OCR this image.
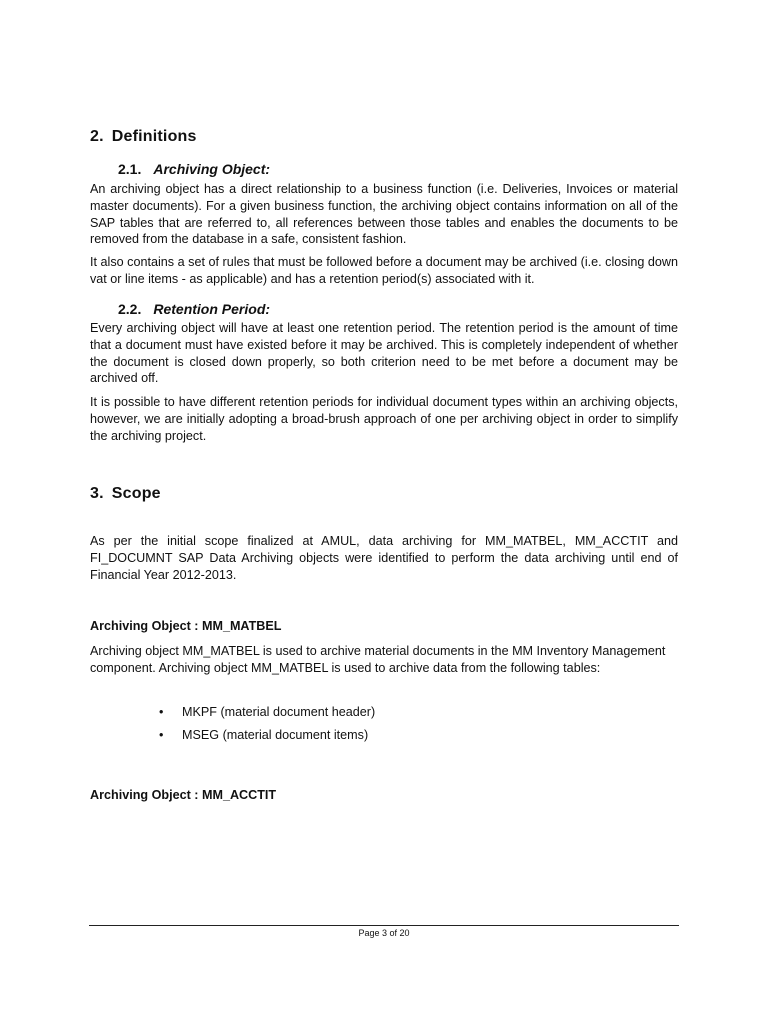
2. Definitions
2.1. Archiving Object:

An archiving object has a direct relationship to a business function (i.e. Deliveries, Invoices or material master documents). For a given business function, the archiving object contains information on all of the SAP tables that are referred to, all references between those tables and enables the documents to be removed from the database in a safe, consistent fashion.

It also contains a set of rules that must be followed before a document may be archived (i.e. closing down vat or line items - as applicable) and has a retention period(s) associated with it.

2.2. Retention Period:

Every archiving object will have at least one retention period. The retention period is the amount of time that a document must have existed before it may be archived. This is completely independent of whether the document is closed down properly, so both criterion need to be met before a document may be archived off.

It is possible to have different retention periods for individual document types within an archiving objects, however, we are initially adopting a broad-brush approach of one per archiving object in order to simplify the archiving project.

3. Scope

As per the initial scope finalized at AMUL, data archiving for MM_MATBEL, MM_ACCTIT and FI_DOCUMNT SAP Data Archiving objects were identified to perform the data archiving until end of Financial Year 2012-2013.

Archiving Object : MM_MATBEL

Archiving object MM_MATBEL is used to archive material documents in the MM Inventory Management component. Archiving object MM_MATBEL is used to archive data from the following tables:

• MKPF (material document header)
• MSEG (material document items)

Archiving Object : MM_ACCTIT

Page 3 of 20
